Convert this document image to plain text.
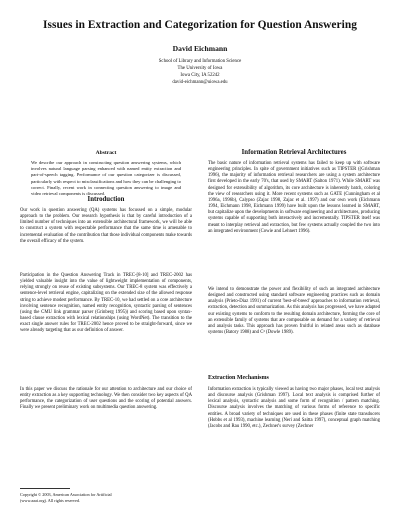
Issues in Extraction and Categorization for Question Answering
David Eichmann
School of Library and Information Science
The University of Iowa
Iowa City, IA 52242
david-eichmann@uiowa.edu
Abstract
We describe our approach in constructing question answering systems, which involves natural language parsing enhanced with named entity extraction and part-of-speech tagging. Performance of our question categorizer is discussed, particularly with respect to misclassifications and how they can be challenging to correct. Finally, recent work in connecting question answering to image and video retrieval components is discussed.
Introduction
Our work in question answering (QA) systems has focussed on a simple, modular approach to the problem. Our research hypothesis is that by careful introduction of a limited number of techniques into an extensible architectural framework, we will be able to construct a system with respectable performance that the same time is amenable to incremental evaluation of the contribution that those individual components make towards the overall efficacy of the system.
Participation in the Question Answering Track in TREC-[8-10] and TREC-2002 has yielded valuable insight into the value of lightweight implementation of components, relying strongly on reuse of existing subsystems. Our TREC-8 system was effectively a sentence-level retrieval engine, capitalizing on the extended size of the allowed response string to achieve modest performance. By TREC-10, we had settled on a core architecture involving sentence recognition, named entity recognition, syntactic parsing of sentences (using the CMU link grammar parser (Grinberg 1995)) and scoring based upon syntax-based clause extraction with lexical relationships (using WordNet). The transition to the exact single answer rules for TREC-2002 hence proved to be straight-forward, since we were already targeting that as our definition of answer.
In this paper we discuss the rationale for our attention to architecture and our choice of entity extraction as a key supporting technology. We then consider two key aspects of QA performance, the categorization of user questions and the scoring of potential answers. Finally we present preliminary work on multimedia question answering.
Copyright © 2003, American Association for Artificial
(www.aaai.org). All rights reserved.
Information Retrieval Architectures
The basic nature of information retrieval systems has failed to keep up with software engineering principles. In spite of government initiatives such as TIPSTER ((Grishman 1996), the majority of information retrieval researchers are using a system architecture first developed in the early 70's, that used by SMART (Salton 1971). While SMART was designed for extensibility of algorithm, its core architecture is inherently batch, coloring the view of researchers using it. More recent systems such as GATE (Cunningham et al 1996a, 1996b), Calypso (Zajac 1998, Zajac et al. 1997) and our own work (Eichmann 1994, Eichmann 1998, Eichmann 1999) have built upon the lessons learned in SMART, but capitalize upon the developments in software engineering and architectures, producing systems capable of supporting both interactively and incrementally. TIPSTER itself was meant to interplay retrieval and extraction, but few systems actually coupled the two into an integrated environment (Cowie and Lehnert 1996).
We intend to demonstrate the power and flexibility of such an integrated architecture designed and constructed using standard software engineering practices such as domain analysis (Prieto-Diaz 1991) of current 'best-of-breed' approaches to information retrieval, extraction, detection and summarization. As this analysis has progressed, we have adapted our existing systems to conform to the resulting domain architecture, forming the core of an extensible family of systems that are composable on demand for a variety of retrieval and analysis tasks. This approach has proven fruitful in related areas such as database systems (Batory 1988) and C³ (Dowle 1989).
Extraction Mechanisms
Information extraction is typically viewed as having two major phases, local text analysis and discourse analysis (Grishman 1997). Local text analysis is comprised further of lexical analysis, syntactic analysis and some form of recognition / pattern matching. Discourse analysis involves the matching of various forms of reference to specific entities. A broad variety of techniques are used in these phases (finite state transducers (Hobbs et al 1993), machine learning (Neri and Saitta 1997), conceptual graph matching (Jacobs and Rau 1990, etc.), Zechner's survey (Zechner
